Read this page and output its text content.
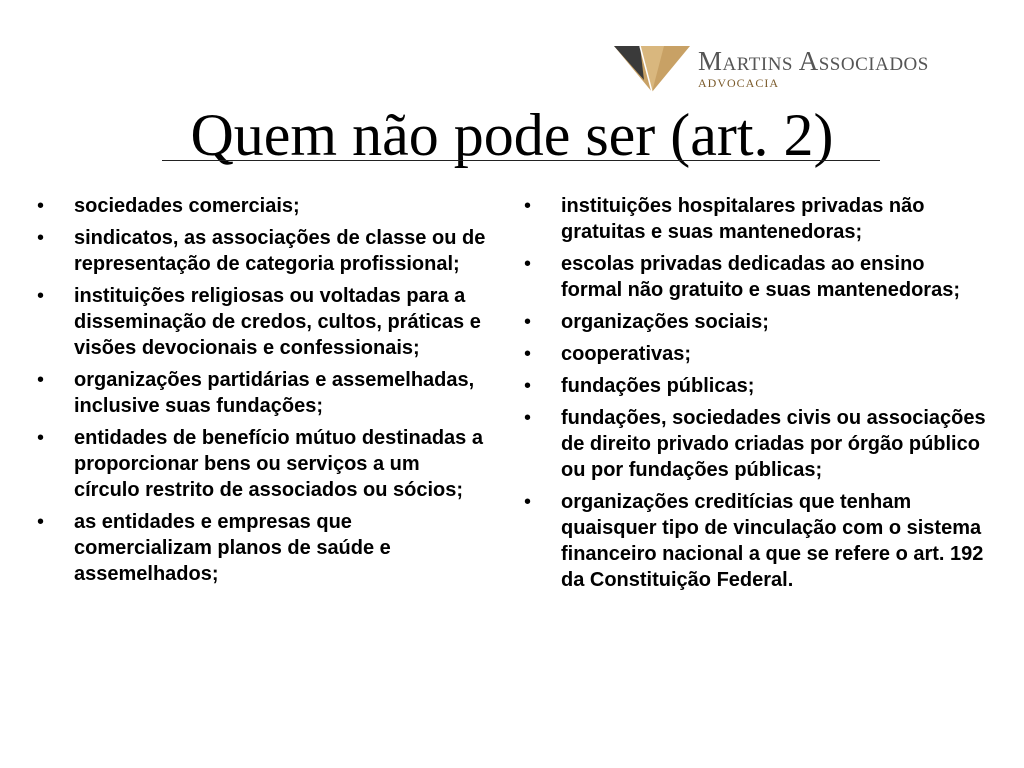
Martins Associados
ADVOCACIA
Quem não pode ser (art. 2)
• sociedades comerciais;
• sindicatos, as associações de classe ou de representação de categoria profissional;
• instituições religiosas ou voltadas para a disseminação de credos, cultos, práticas e visões devocionais e confessionais;
• organizações partidárias e assemelhadas, inclusive suas fundações;
• entidades de benefício mútuo destinadas a proporcionar bens ou serviços a um círculo restrito de associados ou sócios;
• as entidades e empresas que comercializam planos de saúde e assemelhados;
• instituições hospitalares privadas não gratuitas e suas mantenedoras;
• escolas privadas dedicadas ao ensino formal não gratuito e suas mantenedoras;
• organizações sociais;
• cooperativas;
• fundações públicas;
• fundações, sociedades civis ou associações de direito privado criadas por órgão público ou por fundações públicas;
• organizações creditícias que tenham quaisquer tipo de vinculação com o sistema financeiro nacional a que se refere o art. 192 da Constituição Federal.
